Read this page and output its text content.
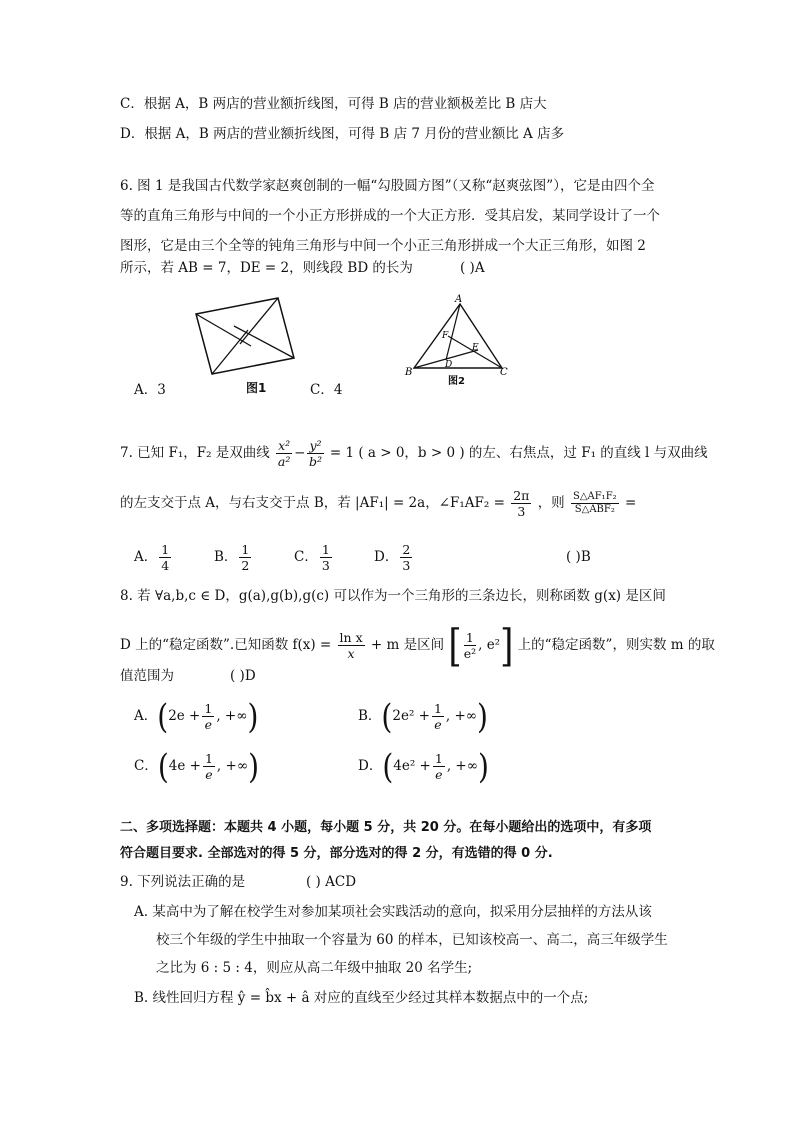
C．根据 A，B 两店的营业额折线图，可得 B 店的营业额极差比 B 店大
D．根据 A，B 两店的营业额折线图，可得 B 店 7 月份的营业额比 A 店多
6. 图 1 是我国古代数学家赵爽创制的一幅“勾股圆方图”（又称“赵爽弦图”），它是由四个全
等的直角三角形与中间的一个小正方形拼成的一个大正方形．受其启发，某同学设计了一个
图形，它是由三个全等的钝角三角形与中间一个小正三角形拼成一个大正三角形，如图 2
所示，若 AB = 7，DE = 2，则线段 BD 的长为	( )A
图1
A
B	C
D
E
F
图2
A．3	C．4
7. 已知 F₁，F₂ 是双曲线 $\frac{\text{x²}}{\text{a²}} - \frac{\text{y²}}{\text{b²}} = 1$ ( a > 0，b > 0 ) 的左、右焦点，过 F₁ 的直线 l 与双曲线
的左支交于点 A，与右支交于点 B，若 |AF₁| = 2a，∠F₁AF₂ = $\frac{2\pi}{3}$ ，则 $\frac{\text{S△AF₁F₂}}{\text{S△ABF₂}}$ =
A． $\frac{1}{4}$	B． $\frac{1}{2}$	C． $\frac{1}{3}$	D． $\frac{2}{3}$	( )B
8. 若 ∀a,b,c ∈ D，g(a),g(b),g(c) 可以作为一个三角形的三条边长，则称函数 g(x) 是区间
D 上的“稳定函数”.已知函数 $f(x) = \frac{\text{ln x}}{x} + m$ 是区间 [ $\frac{1}{\text{e²}}$ , e²] 上的“稳定函数”，则实数 m 的取
值范围为	( )D
A．($2e + \frac{1}{e}$ , +∞)	B．($2e^2 + \frac{1}{e}$ , +∞)
C．($4e + \frac{1}{e}$ , +∞)	D．($4e^2 + \frac{1}{e}$ , +∞)
二、多项选择题：本题共 4 小题，每小题 5 分，共 20 分。在每小题给出的选项中，有多项
符合题目要求. 全部选对的得 5 分，部分选对的得 2 分，有选错的得 0 分.
9. 下列说法正确的是	( ) ACD
A. 某高中为了解在校学生对参加某项社会实践活动的意向，拟采用分层抽样的方法从该
校三个年级的学生中抽取一个容量为 60 的样本，已知该校高一、高二，高三年级学生
之比为 6 : 5 : 4，则应从高二年级中抽取 20 名学生;
B. 线性回归方程 ŷ = b̂x + â 对应的直线至少经过其样本数据点中的一个点;
